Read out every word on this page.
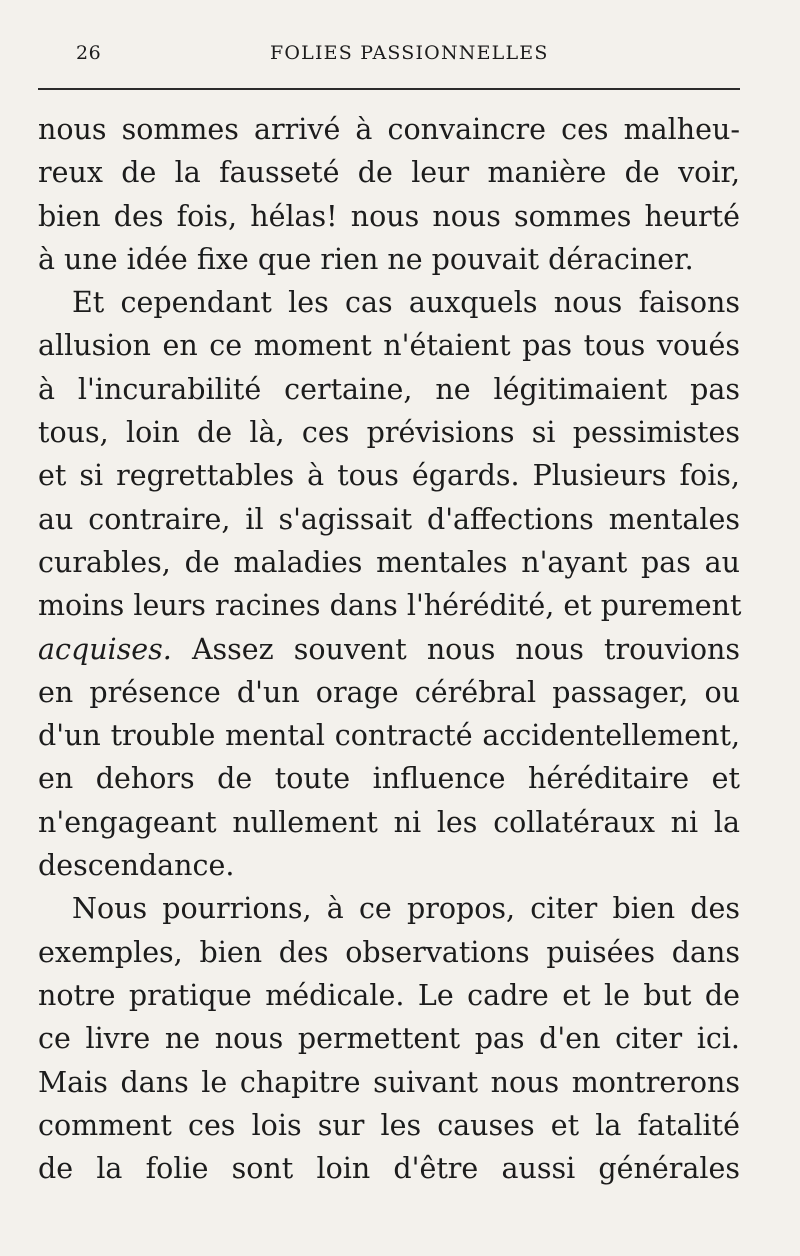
26	FOLIES PASSIONNELLES
nous sommes arrivé à convaincre ces malheu-
reux de la fausseté de leur manière de voir,
bien des fois, hélas! nous nous sommes heurté
à une idée fixe que rien ne pouvait déraciner.
Et cependant les cas auxquels nous faisons
allusion en ce moment n'étaient pas tous voués
à l'incurabilité certaine, ne légitimaient pas
tous, loin de là, ces prévisions si pessimistes
et si regrettables à tous égards. Plusieurs fois,
au contraire, il s'agissait d'affections mentales
curables, de maladies mentales n'ayant pas au
moins leurs racines dans l'hérédité, et purement
acquises. Assez souvent nous nous trouvions
en présence d'un orage cérébral passager, ou
d'un trouble mental contracté accidentellement,
en dehors de toute influence héréditaire et
n'engageant nullement ni les collatéraux ni la
descendance.
Nous pourrions, à ce propos, citer bien des
exemples, bien des observations puisées dans
notre pratique médicale. Le cadre et le but de
ce livre ne nous permettent pas d'en citer ici.
Mais dans le chapitre suivant nous montrerons
comment ces lois sur les causes et la fatalité
de la folie sont loin d'être aussi générales
